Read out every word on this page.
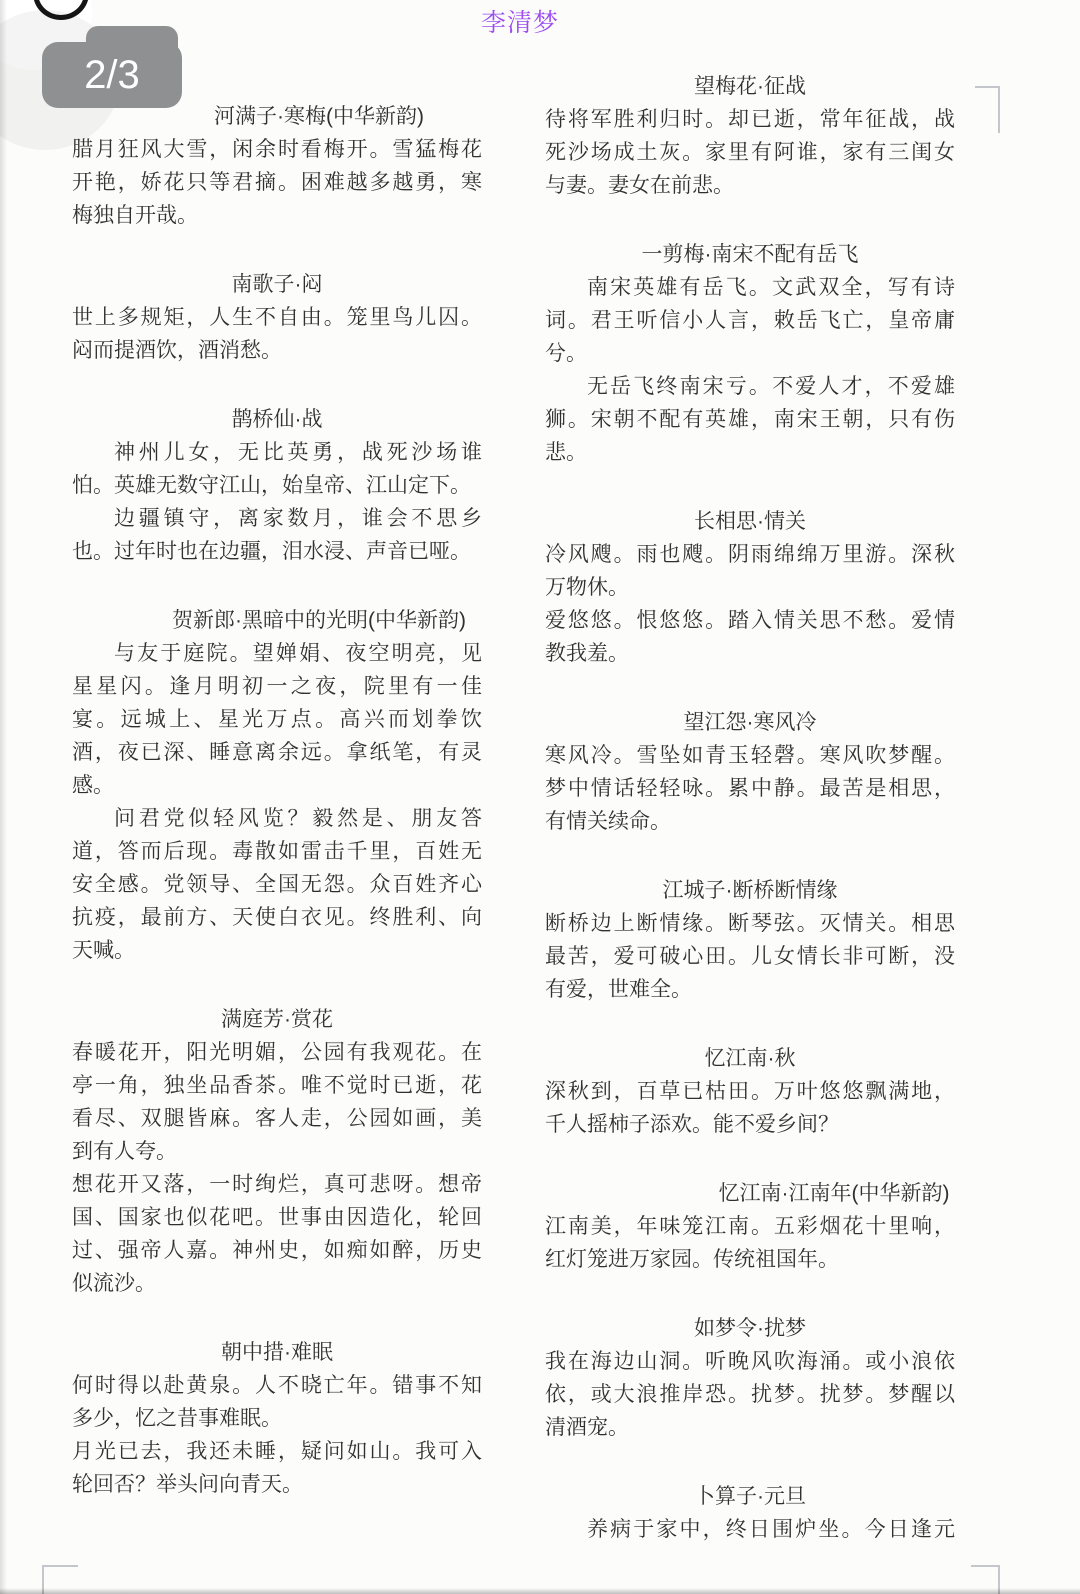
李清梦
2/3
河满子·寒梅(中华新韵)
腊月狂风大雪，闲余时看梅开。雪猛梅花
开艳，娇花只等君摘。困难越多越勇，寒
梅独自开哉。
南歌子·闷
世上多规矩，人生不自由。笼里鸟儿囚。
闷而提酒饮，酒消愁。
鹊桥仙·战
神州儿女，无比英勇，战死沙场谁
怕。英雄无数守江山，始皇帝、江山定下。
边疆镇守，离家数月，谁会不思乡
也。过年时也在边疆，泪水浸、声音已哑。
贺新郎·黑暗中的光明(中华新韵)
与友于庭院。望婵娟、夜空明亮，见
星星闪。逢月明初一之夜，院里有一佳
宴。远城上、星光万点。高兴而划拳饮
酒，夜已深、睡意离余远。拿纸笔，有灵
感。
问君党似轻风览？毅然是、朋友答
道，答而后现。毒散如雷击千里，百姓无
安全感。党领导、全国无怨。众百姓齐心
抗疫，最前方、天使白衣见。终胜利、向
天喊。
满庭芳·赏花
春暖花开，阳光明媚，公园有我观花。在
亭一角，独坐品香茶。唯不觉时已逝，花
看尽、双腿皆麻。客人走，公园如画，美
到有人夸。
想花开又落，一时绚烂，真可悲呀。想帝
国、国家也似花吧。世事由因造化，轮回
过、强帝人嘉。神州史，如痴如醉，历史
似流沙。
朝中措·难眠
何时得以赴黄泉。人不晓亡年。错事不知
多少，忆之昔事难眠。
月光已去，我还未睡，疑问如山。我可入
轮回否？举头问向青天。
望梅花·征战
待将军胜利归时。却已逝，常年征战，战
死沙场成土灰。家里有阿谁，家有三闺女
与妻。妻女在前悲。
一剪梅·南宋不配有岳飞
南宋英雄有岳飞。文武双全，写有诗
词。君王听信小人言，敕岳飞亡，皇帝庸
兮。
无岳飞终南宋亏。不爱人才，不爱雄
狮。宋朝不配有英雄，南宋王朝，只有伤
悲。
长相思·情关
冷风飕。雨也飕。阴雨绵绵万里游。深秋
万物休。
爱悠悠。恨悠悠。踏入情关思不愁。爱情
教我羞。
望江怨·寒风冷
寒风冷。雪坠如青玉轻磬。寒风吹梦醒。
梦中情话轻轻咏。累中静。最苦是相思，
有情关续命。
江城子·断桥断情缘
断桥边上断情缘。断琴弦。灭情关。相思
最苦，爱可破心田。儿女情长非可断，没
有爱，世难全。
忆江南·秋
深秋到，百草已枯田。万叶悠悠飘满地，
千人摇柿子添欢。能不爱乡间？
忆江南·江南年(中华新韵)
江南美，年味笼江南。五彩烟花十里响，
红灯笼进万家园。传统祖国年。
如梦令·扰梦
我在海边山洞。听晚风吹海涌。或小浪依
依，或大浪推岸恐。扰梦。扰梦。梦醒以
清酒宠。
卜算子·元旦
养病于家中，终日围炉坐。今日逢元
